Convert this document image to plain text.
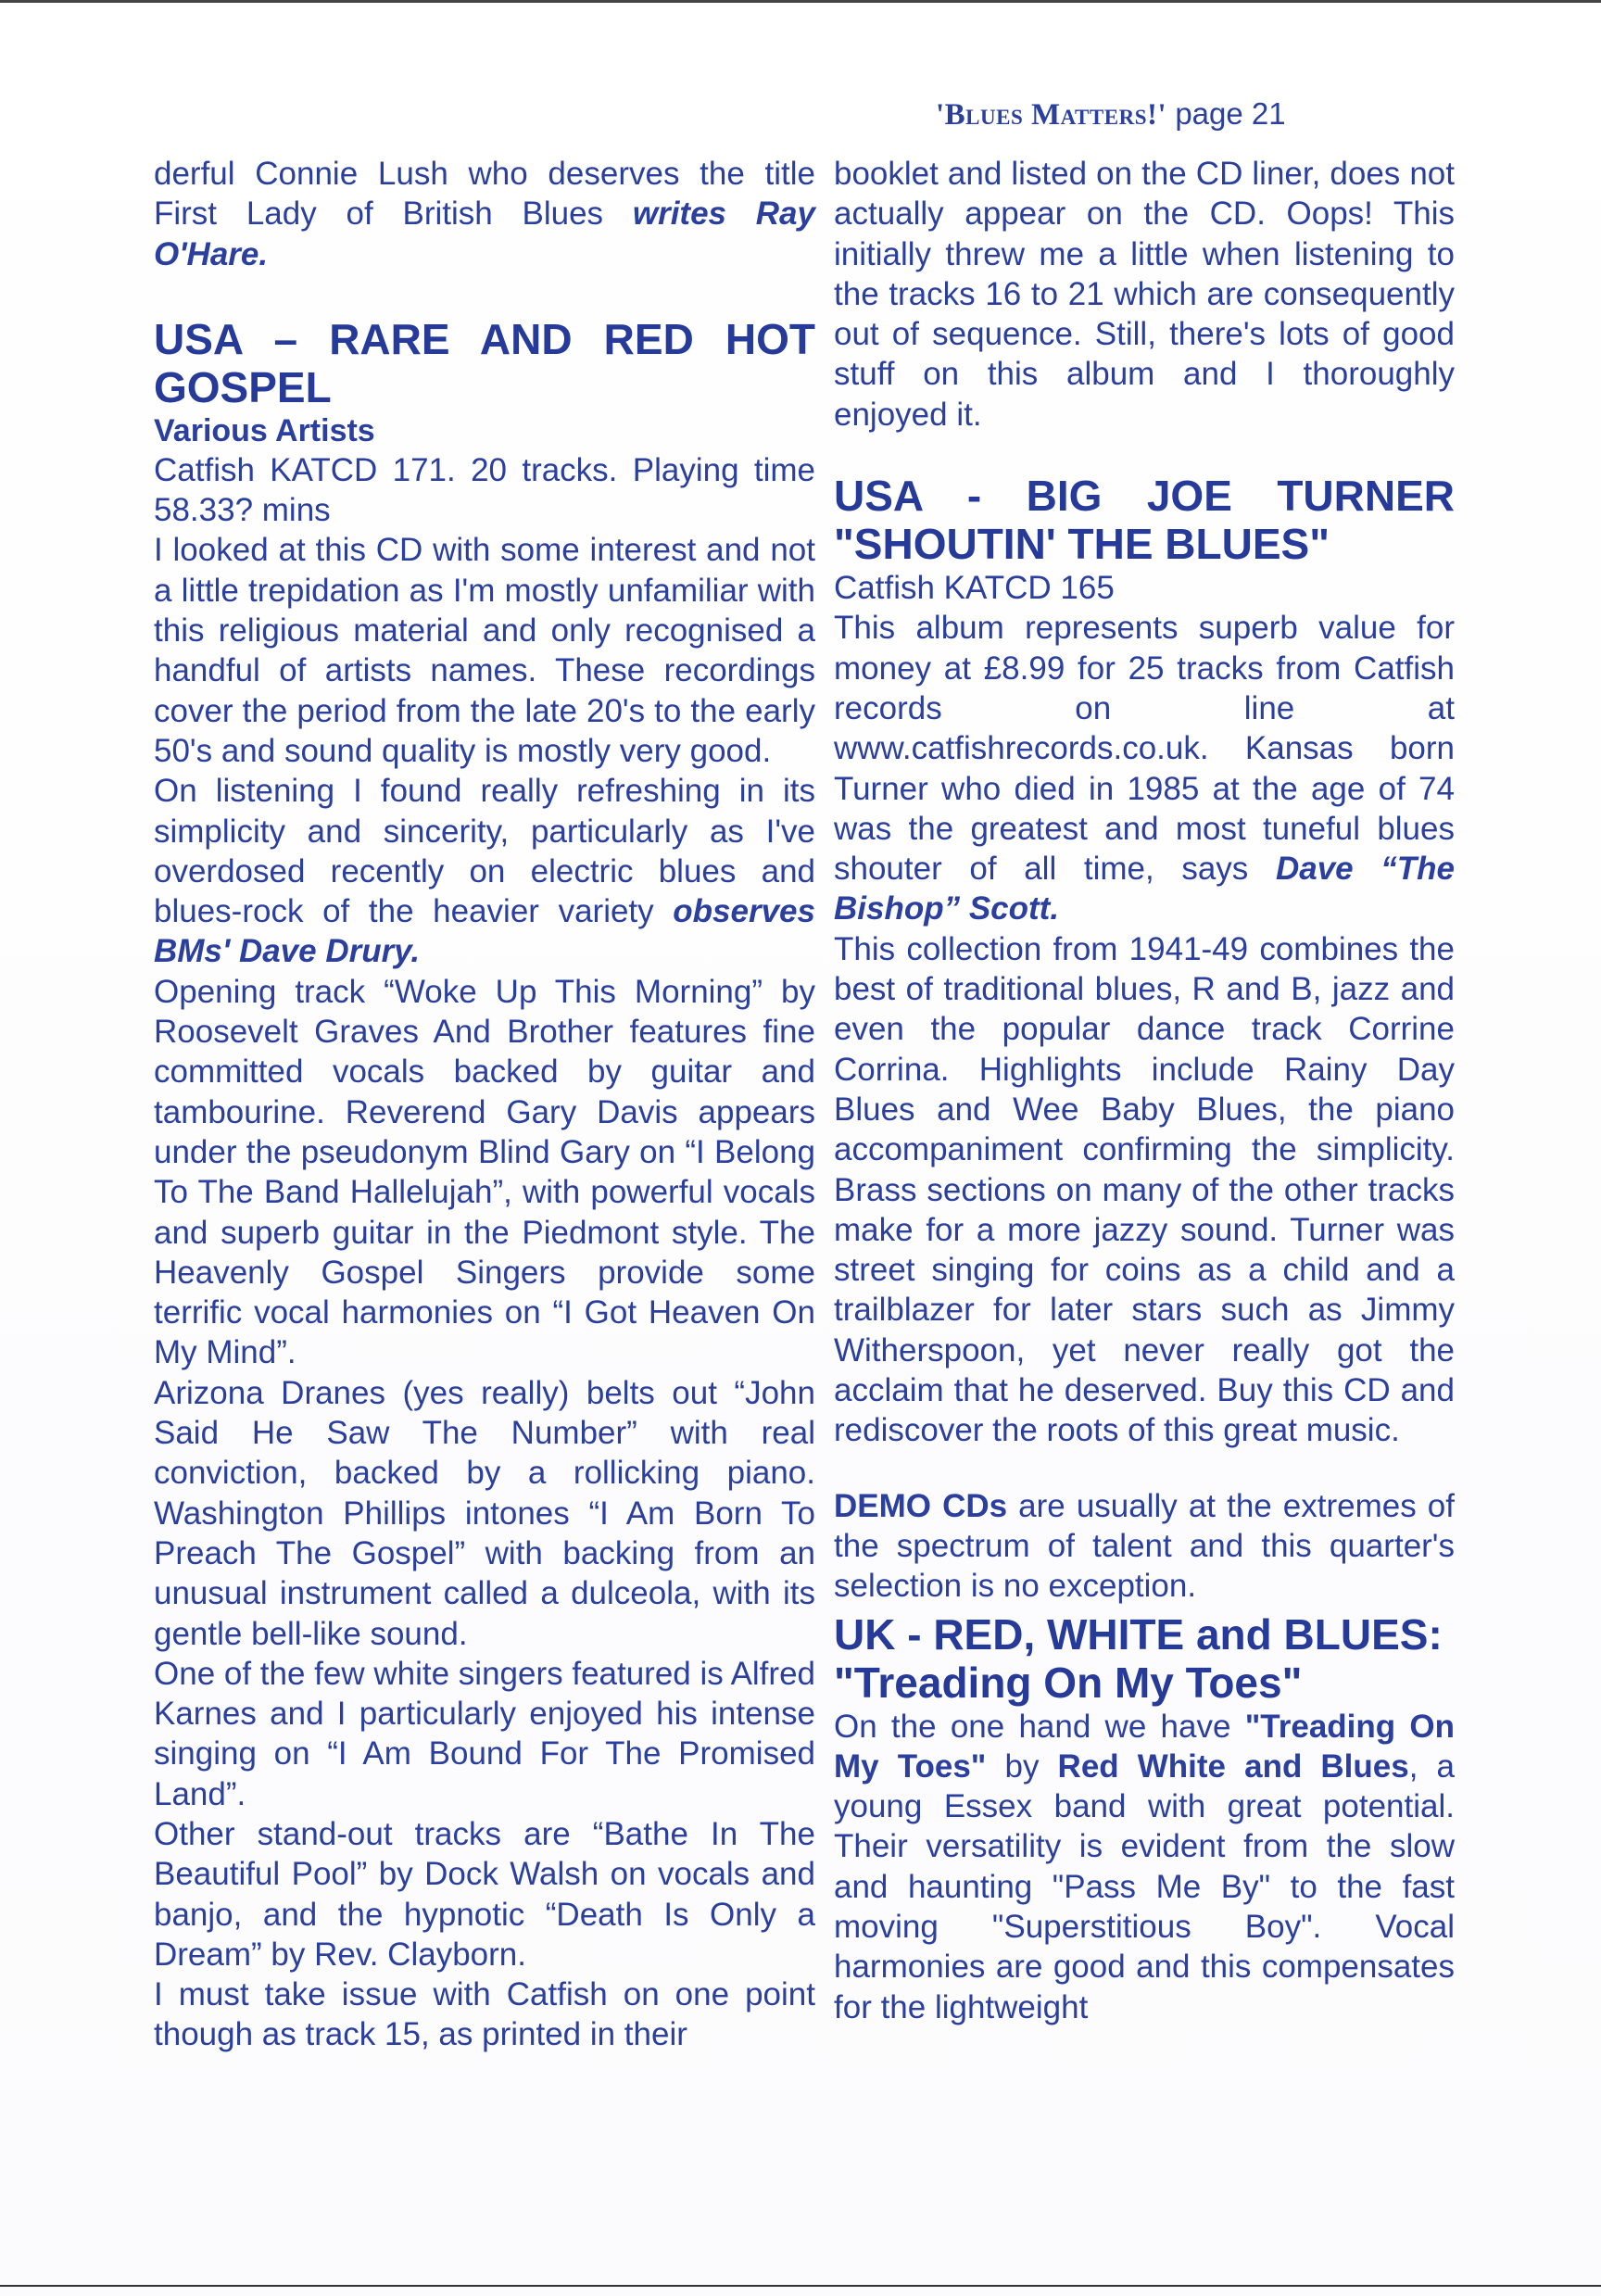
'Blues Matters!' page 21

derful Connie Lush who deserves the title First Lady of British Blues writes Ray O'Hare.

USA – RARE AND RED HOT GOSPEL
Various Artists

Catfish KATCD 171. 20 tracks. Playing time 58.33? mins

I looked at this CD with some interest and not a little trepidation as I'm mostly unfamiliar with this religious material and only recognised a handful of artists names. These recordings cover the period from the late 20's to the early 50's and sound quality is mostly very good.

On listening I found really refreshing in its simplicity and sincerity, particularly as I've overdosed recently on electric blues and blues-rock of the heavier variety observes BMs' Dave Drury.

Opening track “Woke Up This Morning” by Roosevelt Graves And Brother features fine committed vocals backed by guitar and tambourine. Reverend Gary Davis appears under the pseudonym Blind Gary on “I Belong To The Band Hallelujah”, with powerful vocals and superb guitar in the Piedmont style. The Heavenly Gospel Singers provide some terrific vocal harmonies on “I Got Heaven On My Mind”.

Arizona Dranes (yes really) belts out “John Said He Saw The Number” with real conviction, backed by a rollicking piano. Washington Phillips intones “I Am Born To Preach The Gospel” with backing from an unusual instrument called a dulceola, with its gentle bell-like sound.

One of the few white singers featured is Alfred Karnes and I particularly enjoyed his intense singing on “I Am Bound For The Promised Land”.

Other stand-out tracks are “Bathe In The Beautiful Pool” by Dock Walsh on vocals and banjo, and the hypnotic “Death Is Only a Dream” by Rev. Clayborn.

I must take issue with Catfish on one point though as track 15, as printed in their

booklet and listed on the CD liner, does not actually appear on the CD. Oops! This initially threw me a little when listening to the tracks 16 to 21 which are consequently out of sequence. Still, there's lots of good stuff on this album and I thoroughly enjoyed it.

USA - BIG JOE TURNER
"SHOUTIN' THE BLUES"

Catfish KATCD 165

This album represents superb value for money at £8.99 for 25 tracks from Catfish records on line at www.catfishrecords.co.uk. Kansas born Turner who died in 1985 at the age of 74 was the greatest and most tuneful blues shouter of all time, says Dave “The Bishop” Scott.

This collection from 1941-49 combines the best of traditional blues, R and B, jazz and even the popular dance track Corrine Corrina. Highlights include Rainy Day Blues and Wee Baby Blues, the piano accompaniment confirming the simplicity. Brass sections on many of the other tracks make for a more jazzy sound. Turner was street singing for coins as a child and a trailblazer for later stars such as Jimmy Witherspoon, yet never really got the acclaim that he deserved. Buy this CD and rediscover the roots of this great music.

DEMO CDs are usually at the extremes of the spectrum of talent and this quarter's selection is no exception.

UK - RED, WHITE and BLUES:
"Treading On My Toes"

On the one hand we have "Treading On My Toes" by Red White and Blues, a young Essex band with great potential. Their versatility is evident from the slow and haunting "Pass Me By" to the fast moving "Superstitious Boy". Vocal harmonies are good and this compensates for the lightweight
